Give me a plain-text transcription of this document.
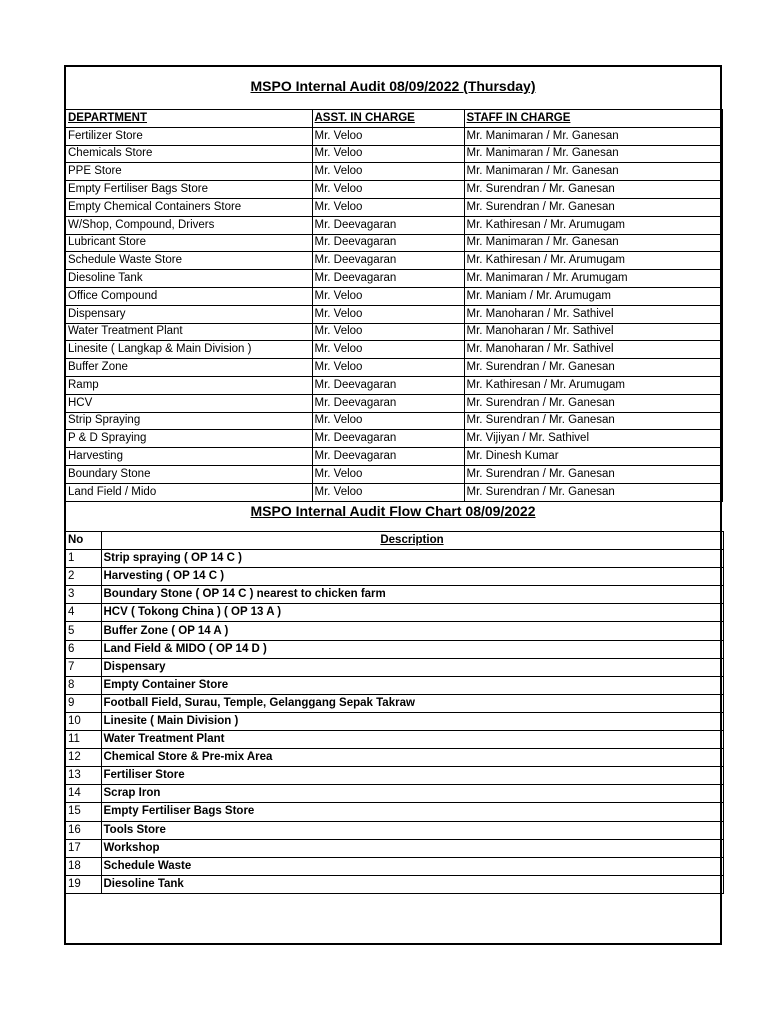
MSPO Internal Audit 08/09/2022 (Thursday)
DEPARTMENT	ASST. IN CHARGE	STAFF IN CHARGE
Fertilizer Store	Mr. Veloo	Mr. Manimaran / Mr. Ganesan
Chemicals Store	Mr. Veloo	Mr. Manimaran / Mr. Ganesan
PPE Store	Mr. Veloo	Mr. Manimaran / Mr. Ganesan
Empty Fertiliser Bags Store	Mr. Veloo	Mr. Surendran / Mr. Ganesan
Empty Chemical Containers Store	Mr. Veloo	Mr. Surendran / Mr. Ganesan
W/Shop, Compound, Drivers	Mr. Deevagaran	Mr. Kathiresan / Mr. Arumugam
Lubricant Store	Mr. Deevagaran	Mr. Manimaran / Mr. Ganesan
Schedule Waste Store	Mr. Deevagaran	Mr. Kathiresan / Mr. Arumugam
Diesoline Tank	Mr. Deevagaran	Mr. Manimaran / Mr. Arumugam
Office Compound	Mr. Veloo	Mr. Maniam / Mr. Arumugam
Dispensary	Mr. Veloo	Mr. Manoharan / Mr. Sathivel
Water Treatment Plant	Mr. Veloo	Mr. Manoharan / Mr. Sathivel
Linesite ( Langkap & Main Division )	Mr. Veloo	Mr. Manoharan / Mr. Sathivel
Buffer Zone	Mr. Veloo	Mr. Surendran / Mr. Ganesan
Ramp	Mr. Deevagaran	Mr. Kathiresan / Mr. Arumugam
HCV	Mr. Deevagaran	Mr. Surendran / Mr. Ganesan
Strip Spraying	Mr. Veloo	Mr. Surendran / Mr. Ganesan
P & D Spraying	Mr. Deevagaran	Mr. Vijiyan / Mr. Sathivel
Harvesting	Mr. Deevagaran	Mr. Dinesh Kumar
Boundary Stone	Mr. Veloo	Mr. Surendran / Mr. Ganesan
Land Field / Mido	Mr. Veloo	Mr. Surendran / Mr. Ganesan
MSPO Internal Audit Flow Chart 08/09/2022
No	Description
1	Strip spraying ( OP 14 C )
2	Harvesting ( OP 14 C )
3	Boundary Stone ( OP 14 C ) nearest to chicken farm
4	HCV ( Tokong China ) ( OP 13 A )
5	Buffer Zone ( OP 14 A )
6	Land Field & MIDO ( OP 14 D )
7	Dispensary
8	Empty Container Store
9	Football Field, Surau, Temple, Gelanggang Sepak Takraw
10	Linesite ( Main Division )
11	Water Treatment Plant
12	Chemical Store & Pre-mix Area
13	Fertiliser Store
14	Scrap Iron
15	Empty Fertiliser Bags Store
16	Tools Store
17	Workshop
18	Schedule Waste
19	Diesoline Tank
